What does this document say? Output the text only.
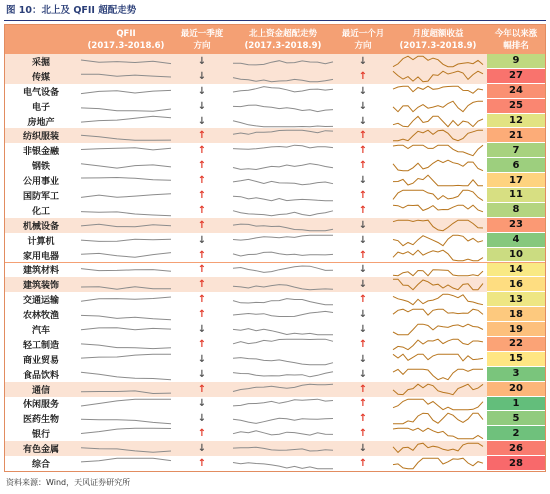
图 10：北上及 QFII 超配走势
QFII
(2017.3-2018.6)
最近一季度
方向
北上资金超配走势
(2017.3-2018.9)
最近一个月
方向
月度超额收益
(2017.3-2018.9)
今年以来涨
幅排名
采掘	↓	↓	9
传媒	↓	↑	27
电气设备	↓	↓	24
电子	↓	↓	25
房地产	↓	↓	12
纺织服装	↑	↑	21
非银金融	↑	↑	7
钢铁	↑	↑	6
公用事业	↑	↓	17
国防军工	↑	↑	11
化工	↑	↑	8
机械设备	↑	↓	23
计算机	↓	↓	4
家用电器	↑	↑	10
建筑材料	↑	↓	14
建筑装饰	↑	↓	16
交通运输	↑	↑	13
农林牧渔	↑	↓	18
汽车	↓	↓	19
轻工制造	↑	↑	22
商业贸易	↓	↓	15
食品饮料	↓	↓	3
通信	↑	↑	20
休闲服务	↓	↑	1
医药生物	↓	↑	5
银行	↑	↑	2
有色金属	↓	↓	26
综合	↑	↑	28
资料来源：Wind，天风证券研究所
